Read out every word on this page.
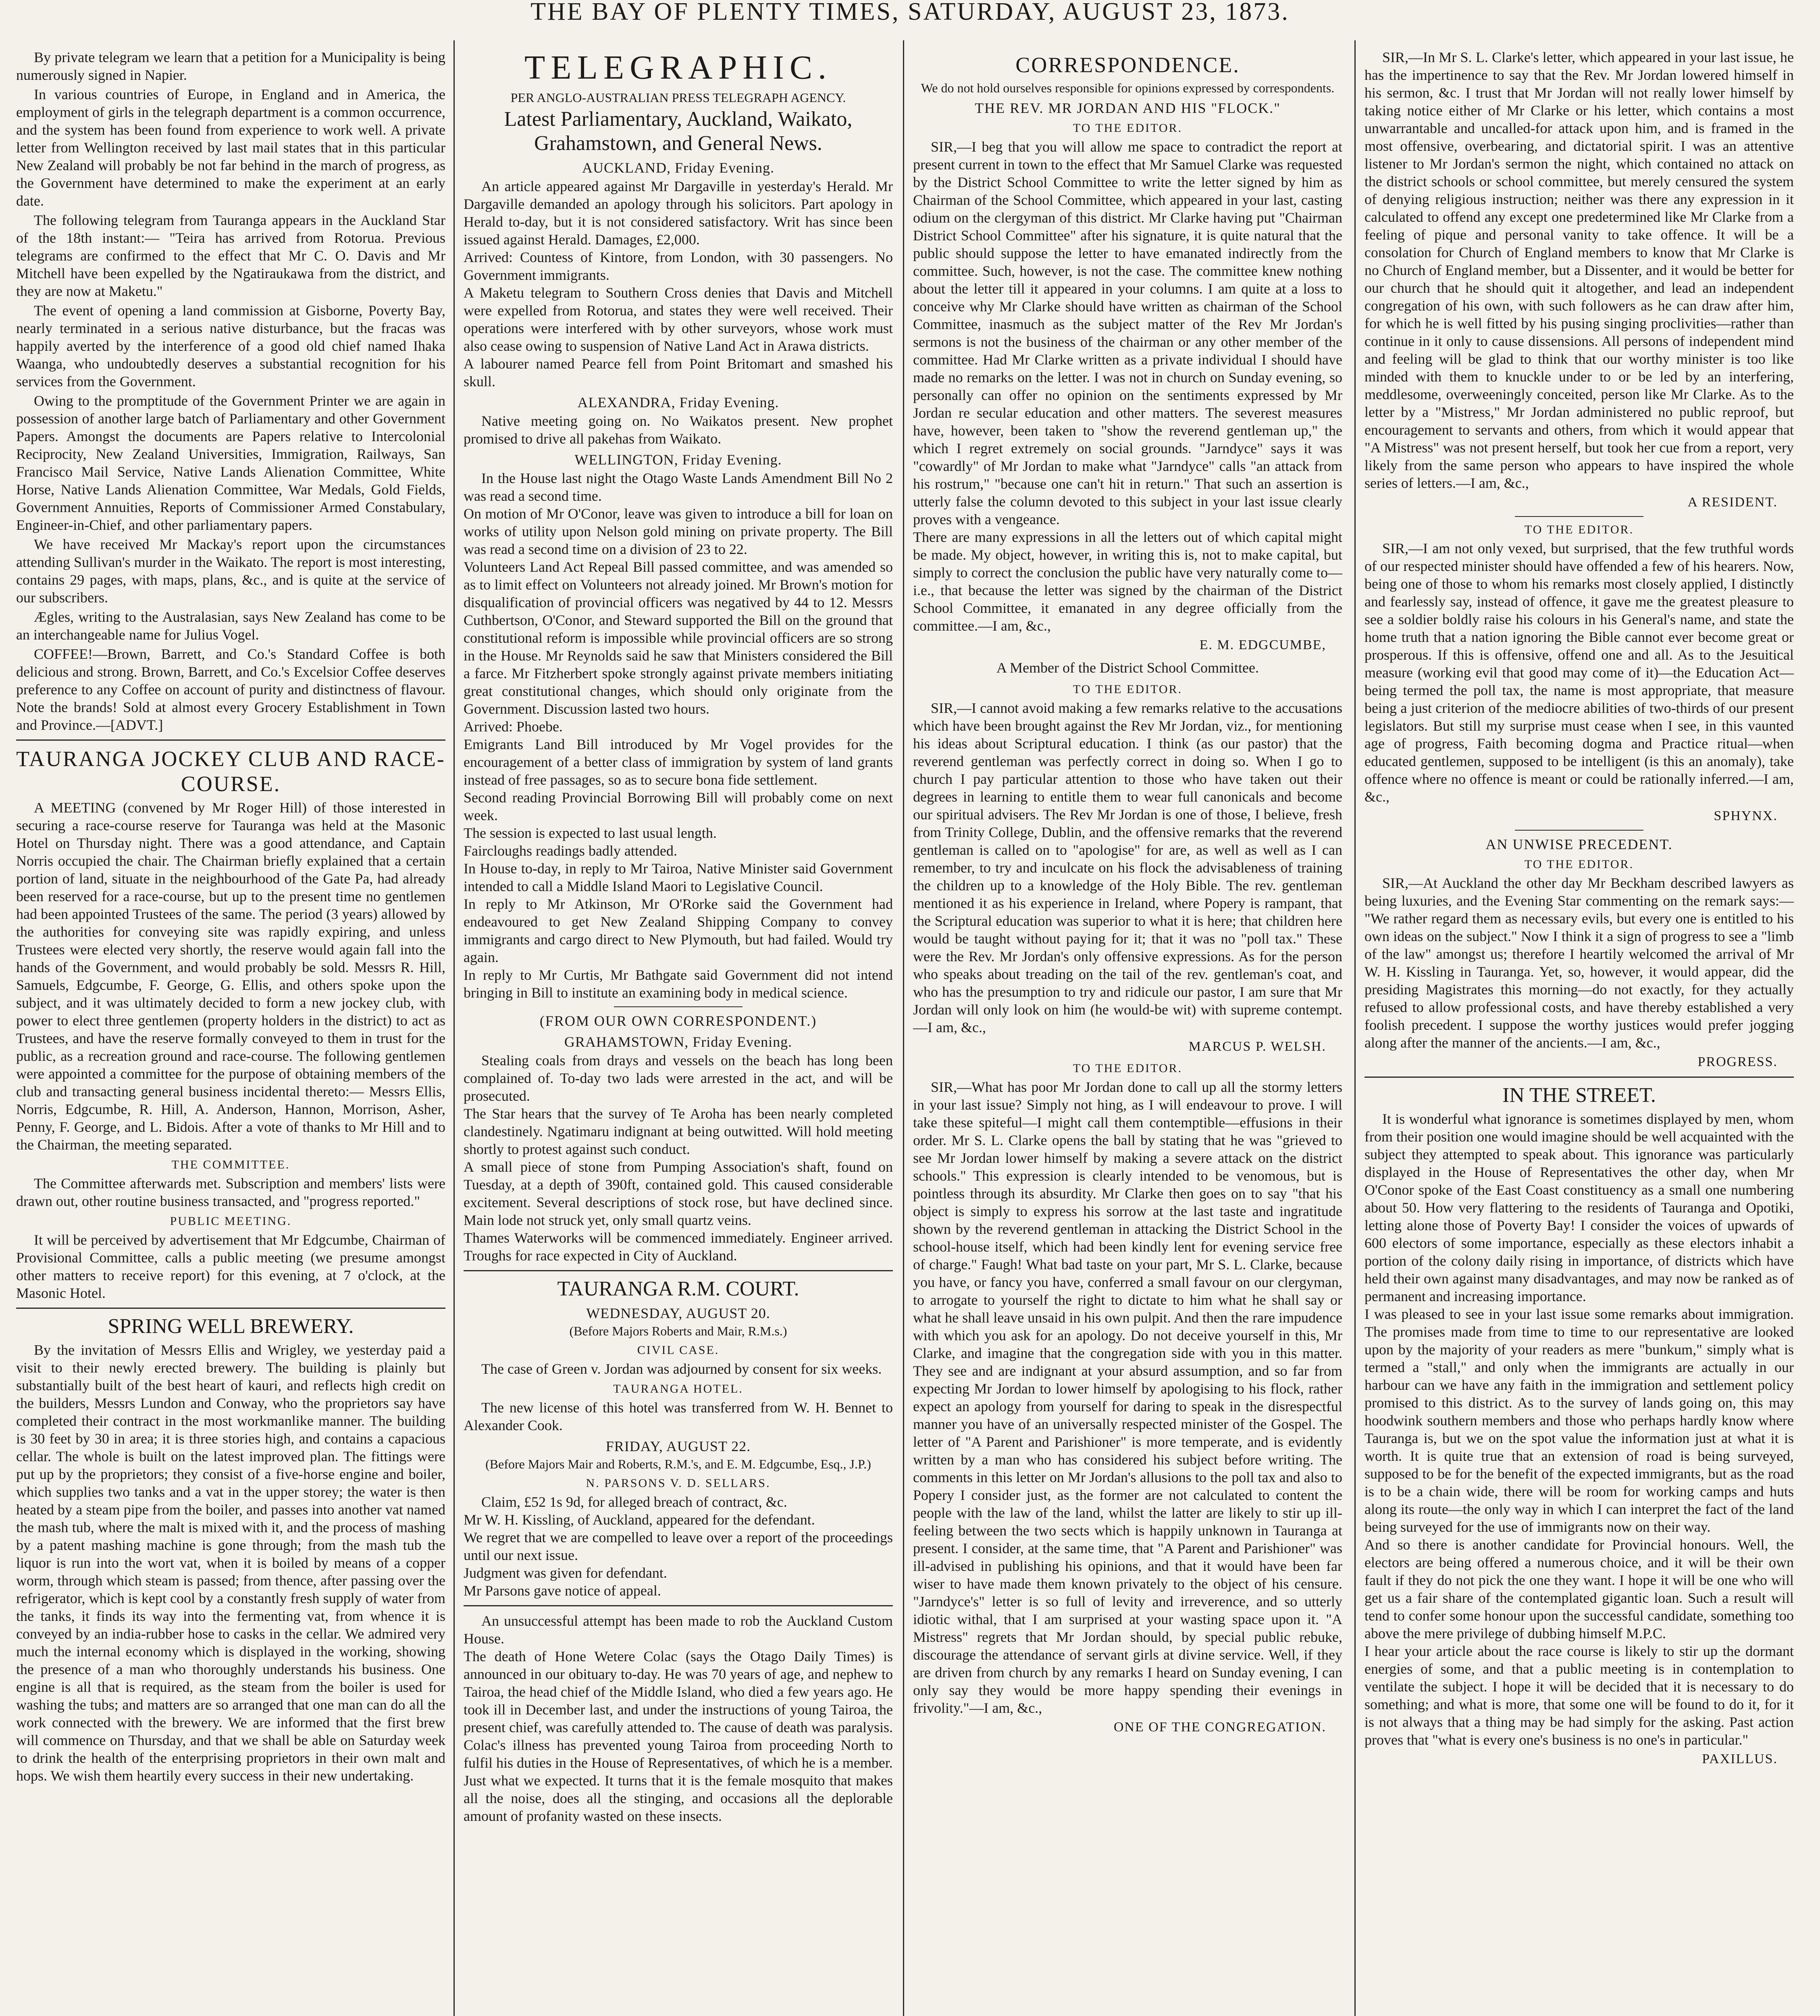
THE BAY OF PLENTY TIMES, SATURDAY, AUGUST 23, 1873.

By private telegram we learn that a petition for a Municipality is being numerously signed in Napier.

In various countries of Europe, in England and in America, the employment of girls in the telegraph department is a common occurrence, and the system has been found from experience to work well. A private letter from Wellington received by last mail states that in this particular New Zealand will probably be not far behind in the march of progress, as the Government have determined to make the experiment at an early date.

The following telegram from Tauranga appears in the Auckland Star of the 18th instant:— "Teira has arrived from Rotorua. Previous telegrams are confirmed to the effect that Mr C. O. Davis and Mr Mitchell have been expelled by the Ngatiraukawa from the district, and they are now at Maketu."

The event of opening a land commission at Gisborne, Poverty Bay, nearly terminated in a serious native disturbance, but the fracas was happily averted by the interference of a good old chief named Ihaka Waanga, who undoubtedly deserves a substantial recognition for his services from the Government.

Owing to the promptitude of the Government Printer we are again in possession of another large batch of Parliamentary and other Government Papers. Amongst the documents are Papers relative to Intercolonial Reciprocity, New Zealand Universities, Immigration, Railways, San Francisco Mail Service, Native Lands Alienation Committee, White Horse, Native Lands Alienation Committee, War Medals, Gold Fields, Government Annuities, Reports of Commissioner Armed Constabulary, Engineer-in-Chief, and other parliamentary papers.

We have received Mr Mackay's report upon the circumstances attending Sullivan's murder in the Waikato. The report is most interesting, contains 29 pages, with maps, plans, &c., and is quite at the service of our subscribers.

Ægles, writing to the Australasian, says New Zealand has come to be an interchangeable name for Julius Vogel.

COFFEE!—Brown, Barrett, and Co.'s Standard Coffee is both delicious and strong. Brown, Barrett, and Co.'s Excelsior Coffee deserves preference to any Coffee on account of purity and distinctness of flavour. Note the brands! Sold at almost every Grocery Establishment in Town and Province.—[ADVT.]

TAURANGA JOCKEY CLUB AND RACE-COURSE.

A MEETING (convened by Mr Roger Hill) of those interested in securing a race-course reserve for Tauranga was held at the Masonic Hotel on Thursday night. There was a good attendance, and Captain Norris occupied the chair. The Chairman briefly explained that a certain portion of land, situate in the neighbourhood of the Gate Pa, had already been reserved for a race-course, but up to the present time no gentlemen had been appointed Trustees of the same. The period (3 years) allowed by the authorities for conveying site was rapidly expiring, and unless Trustees were elected very shortly, the reserve would again fall into the hands of the Government, and would probably be sold. Messrs R. Hill, Samuels, Edgcumbe, F. George, G. Ellis, and others spoke upon the subject, and it was ultimately decided to form a new jockey club, with power to elect three gentlemen (property holders in the district) to act as Trustees, and have the reserve formally conveyed to them in trust for the public, as a recreation ground and race-course. The following gentlemen were appointed a committee for the purpose of obtaining members of the club and transacting general business incidental thereto:— Messrs Ellis, Norris, Edgcumbe, R. Hill, A. Anderson, Hannon, Morrison, Asher, Penny, F. George, and L. Bidois. After a vote of thanks to Mr Hill and to the Chairman, the meeting separated.

THE COMMITTEE.

The Committee afterwards met. Subscription and members' lists were drawn out, other routine business transacted, and "progress reported."

PUBLIC MEETING.

It will be perceived by advertisement that Mr Edgcumbe, Chairman of Provisional Committee, calls a public meeting (we presume amongst other matters to receive report) for this evening, at 7 o'clock, at the Masonic Hotel.

SPRING WELL BREWERY.

By the invitation of Messrs Ellis and Wrigley, we yesterday paid a visit to their newly erected brewery. The building is plainly but substantially built of the best heart of kauri, and reflects high credit on the builders, Messrs Lundon and Conway, who the proprietors say have completed their contract in the most workmanlike manner. The building is 30 feet by 30 in area; it is three stories high, and contains a capacious cellar. The whole is built on the latest improved plan. The fittings were put up by the proprietors; they consist of a five-horse engine and boiler, which supplies two tanks and a vat in the upper storey; the water is then heated by a steam pipe from the boiler, and passes into another vat named the mash tub, where the malt is mixed with it, and the process of mashing by a patent mashing machine is gone through; from the mash tub the liquor is run into the wort vat, when it is boiled by means of a copper worm, through which steam is passed; from thence, after passing over the refrigerator, which is kept cool by a constantly fresh supply of water from the tanks, it finds its way into the fermenting vat, from whence it is conveyed by an india-rubber hose to casks in the cellar. We admired very much the internal economy which is displayed in the working, showing the presence of a man who thoroughly understands his business. One engine is all that is required, as the steam from the boiler is used for washing the tubs; and matters are so arranged that one man can do all the work connected with the brewery. We are informed that the first brew will commence on Thursday, and that we shall be able on Saturday week to drink the health of the enterprising proprietors in their own malt and hops. We wish them heartily every success in their new undertaking.

TELEGRAPHIC.
PER ANGLO-AUSTRALIAN PRESS TELEGRAPH AGENCY.
Latest Parliamentary, Auckland, Waikato, Grahamstown, and General News.
AUCKLAND, Friday Evening.

An article appeared against Mr Dargaville in yesterday's Herald. Mr Dargaville demanded an apology through his solicitors. Part apology in Herald to-day, but it is not considered satisfactory. Writ has since been issued against Herald. Damages, £2,000.
Arrived: Countess of Kintore, from London, with 30 passengers. No Government immigrants.
A Maketu telegram to Southern Cross denies that Davis and Mitchell were expelled from Rotorua, and states they were well received. Their operations were interfered with by other surveyors, whose work must also cease owing to suspension of Native Land Act in Arawa districts.
A labourer named Pearce fell from Point Britomart and smashed his skull.

ALEXANDRA, Friday Evening.

Native meeting going on. No Waikatos present. New prophet promised to drive all pakehas from Waikato.

WELLINGTON, Friday Evening.

In the House last night the Otago Waste Lands Amendment Bill No 2 was read a second time.
On motion of Mr O'Conor, leave was given to introduce a bill for loan on works of utility upon Nelson gold mining on private property. The Bill was read a second time on a division of 23 to 22.
Volunteers Land Act Repeal Bill passed committee, and was amended so as to limit effect on Volunteers not already joined. Mr Brown's motion for disqualification of provincial officers was negatived by 44 to 12. Messrs Cuthbertson, O'Conor, and Steward supported the Bill on the ground that constitutional reform is impossible while provincial officers are so strong in the House. Mr Reynolds said he saw that Ministers considered the Bill a farce. Mr Fitzherbert spoke strongly against private members initiating great constitutional changes, which should only originate from the Government. Discussion lasted two hours.
Arrived: Phoebe.
Emigrants Land Bill introduced by Mr Vogel provides for the encouragement of a better class of immigration by system of land grants instead of free passages, so as to secure bona fide settlement.
Second reading Provincial Borrowing Bill will probably come on next week.
The session is expected to last usual length.
Faircloughs readings badly attended.
In House to-day, in reply to Mr Tairoa, Native Minister said Government intended to call a Middle Island Maori to Legislative Council.
In reply to Mr Atkinson, Mr O'Rorke said the Government had endeavoured to get New Zealand Shipping Company to convey immigrants and cargo direct to New Plymouth, but had failed. Would try again.
In reply to Mr Curtis, Mr Bathgate said Government did not intend bringing in Bill to institute an examining body in medical science.

(FROM OUR OWN CORRESPONDENT.)
GRAHAMSTOWN, Friday Evening.

Stealing coals from drays and vessels on the beach has long been complained of. To-day two lads were arrested in the act, and will be prosecuted.
The Star hears that the survey of Te Aroha has been nearly completed clandestinely. Ngatimaru indignant at being outwitted. Will hold meeting shortly to protest against such conduct.
A small piece of stone from Pumping Association's shaft, found on Tuesday, at a depth of 390ft, contained gold. This caused considerable excitement. Several descriptions of stock rose, but have declined since. Main lode not struck yet, only small quartz veins.
Thames Waterworks will be commenced immediately. Engineer arrived. Troughs for race expected in City of Auckland.

TAURANGA R.M. COURT.
WEDNESDAY, AUGUST 20.
(Before Majors Roberts and Mair, R.M.s.)
CIVIL CASE.

The case of Green v. Jordan was adjourned by consent for six weeks.

TAURANGA HOTEL.

The new license of this hotel was transferred from W. H. Bennet to Alexander Cook.

FRIDAY, AUGUST 22.
(Before Majors Mair and Roberts, R.M.'s, and E. M. Edgcumbe, Esq., J.P.)
N. PARSONS V. D. SELLARS.

Claim, £52 1s 9d, for alleged breach of contract, &c.
Mr W. H. Kissling, of Auckland, appeared for the defendant.
We regret that we are compelled to leave over a report of the proceedings until our next issue.
Judgment was given for defendant.
Mr Parsons gave notice of appeal.

An unsuccessful attempt has been made to rob the Auckland Custom House.
The death of Hone Wetere Colac (says the Otago Daily Times) is announced in our obituary to-day. He was 70 years of age, and nephew to Tairoa, the head chief of the Middle Island, who died a few years ago. He took ill in December last, and under the instructions of young Tairoa, the present chief, was carefully attended to. The cause of death was paralysis. Colac's illness has prevented young Tairoa from proceeding North to fulfil his duties in the House of Representatives, of which he is a member.
Just what we expected. It turns that it is the female mosquito that makes all the noise, does all the stinging, and occasions all the deplorable amount of profanity wasted on these insects.

CORRESPONDENCE.
We do not hold ourselves responsible for opinions expressed by correspondents.
THE REV. MR JORDAN AND HIS "FLOCK."
TO THE EDITOR.

SIR,—I beg that you will allow me space to contradict the report at present current in town to the effect that Mr Samuel Clarke was requested by the District School Committee to write the letter signed by him as Chairman of the School Committee, which appeared in your last, casting odium on the clergyman of this district. Mr Clarke having put "Chairman District School Committee" after his signature, it is quite natural that the public should suppose the letter to have emanated indirectly from the committee. Such, however, is not the case. The committee knew nothing about the letter till it appeared in your columns. I am quite at a loss to conceive why Mr Clarke should have written as chairman of the School Committee, inasmuch as the subject matter of the Rev Mr Jordan's sermons is not the business of the chairman or any other member of the committee. Had Mr Clarke written as a private individual I should have made no remarks on the letter. I was not in church on Sunday evening, so personally can offer no opinion on the sentiments expressed by Mr Jordan re secular education and other matters. The severest measures have, however, been taken to "show the reverend gentleman up," the which I regret extremely on social grounds. "Jarndyce" says it was "cowardly" of Mr Jordan to make what "Jarndyce" calls "an attack from his rostrum," "because one can't hit in return." That such an assertion is utterly false the column devoted to this subject in your last issue clearly proves with a vengeance.
There are many expressions in all the letters out of which capital might be made. My object, however, in writing this is, not to make capital, but simply to correct the conclusion the public have very naturally come to—i.e., that because the letter was signed by the chairman of the District School Committee, it emanated in any degree officially from the committee.—I am, &c.,

E. M. EDGCUMBE,
A Member of the District School Committee.
TO THE EDITOR.

SIR,—I cannot avoid making a few remarks relative to the accusations which have been brought against the Rev Mr Jordan, viz., for mentioning his ideas about Scriptural education. I think (as our pastor) that the reverend gentleman was perfectly correct in doing so. When I go to church I pay particular attention to those who have taken out their degrees in learning to entitle them to wear full canonicals and become our spiritual advisers. The Rev Mr Jordan is one of those, I believe, fresh from Trinity College, Dublin, and the offensive remarks that the reverend gentleman is called on to "apologise" for are, as well as well as I can remember, to try and inculcate on his flock the advisableness of training the children up to a knowledge of the Holy Bible. The rev. gentleman mentioned it as his experience in Ireland, where Popery is rampant, that the Scriptural education was superior to what it is here; that children here would be taught without paying for it; that it was no "poll tax." These were the Rev. Mr Jordan's only offensive expressions. As for the person who speaks about treading on the tail of the rev. gentleman's coat, and who has the presumption to try and ridicule our pastor, I am sure that Mr Jordan will only look on him (he would-be wit) with supreme contempt.—I am, &c.,

MARCUS P. WELSH.
TO THE EDITOR.

SIR,—What has poor Mr Jordan done to call up all the stormy letters in your last issue? Simply not hing, as I will endeavour to prove. I will take these spiteful—I might call them contemptible—effusions in their order. Mr S. L. Clarke opens the ball by stating that he was "grieved to see Mr Jordan lower himself by making a severe attack on the district schools." This expression is clearly intended to be venomous, but is pointless through its absurdity. Mr Clarke then goes on to say "that his object is simply to express his sorrow at the last taste and ingratitude shown by the reverend gentleman in attacking the District School in the school-house itself, which had been kindly lent for evening service free of charge." Faugh! What bad taste on your part, Mr S. L. Clarke, because you have, or fancy you have, conferred a small favour on our clergyman, to arrogate to yourself the right to dictate to him what he shall say or what he shall leave unsaid in his own pulpit. And then the rare impudence with which you ask for an apology. Do not deceive yourself in this, Mr Clarke, and imagine that the congregation side with you in this matter. They see and are indignant at your absurd assumption, and so far from expecting Mr Jordan to lower himself by apologising to his flock, rather expect an apology from yourself for daring to speak in the disrespectful manner you have of an universally respected minister of the Gospel. The letter of "A Parent and Parishioner" is more temperate, and is evidently written by a man who has considered his subject before writing. The comments in this letter on Mr Jordan's allusions to the poll tax and also to Popery I consider just, as the former are not calculated to content the people with the law of the land, whilst the latter are likely to stir up ill-feeling between the two sects which is happily unknown in Tauranga at present. I consider, at the same time, that "A Parent and Parishioner" was ill-advised in publishing his opinions, and that it would have been far wiser to have made them known privately to the object of his censure. "Jarndyce's" letter is so full of levity and irreverence, and so utterly idiotic withal, that I am surprised at your wasting space upon it. "A Mistress" regrets that Mr Jordan should, by special public rebuke, discourage the attendance of servant girls at divine service. Well, if they are driven from church by any remarks I heard on Sunday evening, I can only say they would be more happy spending their evenings in frivolity."—I am, &c.,

ONE OF THE CONGREGATION.

SIR,—In Mr S. L. Clarke's letter, which appeared in your last issue, he has the impertinence to say that the Rev. Mr Jordan lowered himself in his sermon, &c. I trust that Mr Jordan will not really lower himself by taking notice either of Mr Clarke or his letter, which contains a most unwarrantable and uncalled-for attack upon him, and is framed in the most offensive, overbearing, and dictatorial spirit. I was an attentive listener to Mr Jordan's sermon the night, which contained no attack on the district schools or school committee, but merely censured the system of denying religious instruction; neither was there any expression in it calculated to offend any except one predetermined like Mr Clarke from a feeling of pique and personal vanity to take offence. It will be a consolation for Church of England members to know that Mr Clarke is no Church of England member, but a Dissenter, and it would be better for our church that he should quit it altogether, and lead an independent congregation of his own, with such followers as he can draw after him, for which he is well fitted by his pusing singing proclivities—rather than continue in it only to cause dissensions. All persons of independent mind and feeling will be glad to think that our worthy minister is too like minded with them to knuckle under to or be led by an interfering, meddlesome, overweeningly conceited, person like Mr Clarke. As to the letter by a "Mistress," Mr Jordan administered no public reproof, but encouragement to servants and others, from which it would appear that "A Mistress" was not present herself, but took her cue from a report, very likely from the same person who appears to have inspired the whole series of letters.—I am, &c.,

A RESIDENT.
TO THE EDITOR.

SIR,—I am not only vexed, but surprised, that the few truthful words of our respected minister should have offended a few of his hearers. Now, being one of those to whom his remarks most closely applied, I distinctly and fearlessly say, instead of offence, it gave me the greatest pleasure to see a soldier boldly raise his colours in his General's name, and state the home truth that a nation ignoring the Bible cannot ever become great or prosperous. If this is offensive, offend one and all. As to the Jesuitical measure (working evil that good may come of it)—the Education Act—being termed the poll tax, the name is most appropriate, that measure being a just criterion of the mediocre abilities of two-thirds of our present legislators. But still my surprise must cease when I see, in this vaunted age of progress, Faith becoming dogma and Practice ritual—when educated gentlemen, supposed to be intelligent (is this an anomaly), take offence where no offence is meant or could be rationally inferred.—I am, &c.,

SPHYNX.
AN UNWISE PRECEDENT.
TO THE EDITOR.

SIR,—At Auckland the other day Mr Beckham described lawyers as being luxuries, and the Evening Star commenting on the remark says:— "We rather regard them as necessary evils, but every one is entitled to his own ideas on the subject." Now I think it a sign of progress to see a "limb of the law" amongst us; therefore I heartily welcomed the arrival of Mr W. H. Kissling in Tauranga. Yet, so, however, it would appear, did the presiding Magistrates this morning—do not exactly, for they actually refused to allow professional costs, and have thereby established a very foolish precedent. I suppose the worthy justices would prefer jogging along after the manner of the ancients.—I am, &c.,

PROGRESS.
IN THE STREET.

It is wonderful what ignorance is sometimes displayed by men, whom from their position one would imagine should be well acquainted with the subject they attempted to speak about. This ignorance was particularly displayed in the House of Representatives the other day, when Mr O'Conor spoke of the East Coast constituency as a small one numbering about 50. How very flattering to the residents of Tauranga and Opotiki, letting alone those of Poverty Bay! I consider the voices of upwards of 600 electors of some importance, especially as these electors inhabit a portion of the colony daily rising in importance, of districts which have held their own against many disadvantages, and may now be ranked as of permanent and increasing importance.
I was pleased to see in your last issue some remarks about immigration. The promises made from time to time to our representative are looked upon by the majority of your readers as mere "bunkum," simply what is termed a "stall," and only when the immigrants are actually in our harbour can we have any faith in the immigration and settlement policy promised to this district. As to the survey of lands going on, this may hoodwink southern members and those who perhaps hardly know where Tauranga is, but we on the spot value the information just at what it is worth. It is quite true that an extension of road is being surveyed, supposed to be for the benefit of the expected immigrants, but as the road is to be a chain wide, there will be room for working camps and huts along its route—the only way in which I can interpret the fact of the land being surveyed for the use of immigrants now on their way.
And so there is another candidate for Provincial honours. Well, the electors are being offered a numerous choice, and it will be their own fault if they do not pick the one they want. I hope it will be one who will get us a fair share of the contemplated gigantic loan. Such a result will tend to confer some honour upon the successful candidate, something too above the mere privilege of dubbing himself M.P.C.
I hear your article about the race course is likely to stir up the dormant energies of some, and that a public meeting is in contemplation to ventilate the subject. I hope it will be decided that it is necessary to do something; and what is more, that some one will be found to do it, for it is not always that a thing may be had simply for the asking. Past action proves that "what is every one's business is no one's in particular."

PAXILLUS.
